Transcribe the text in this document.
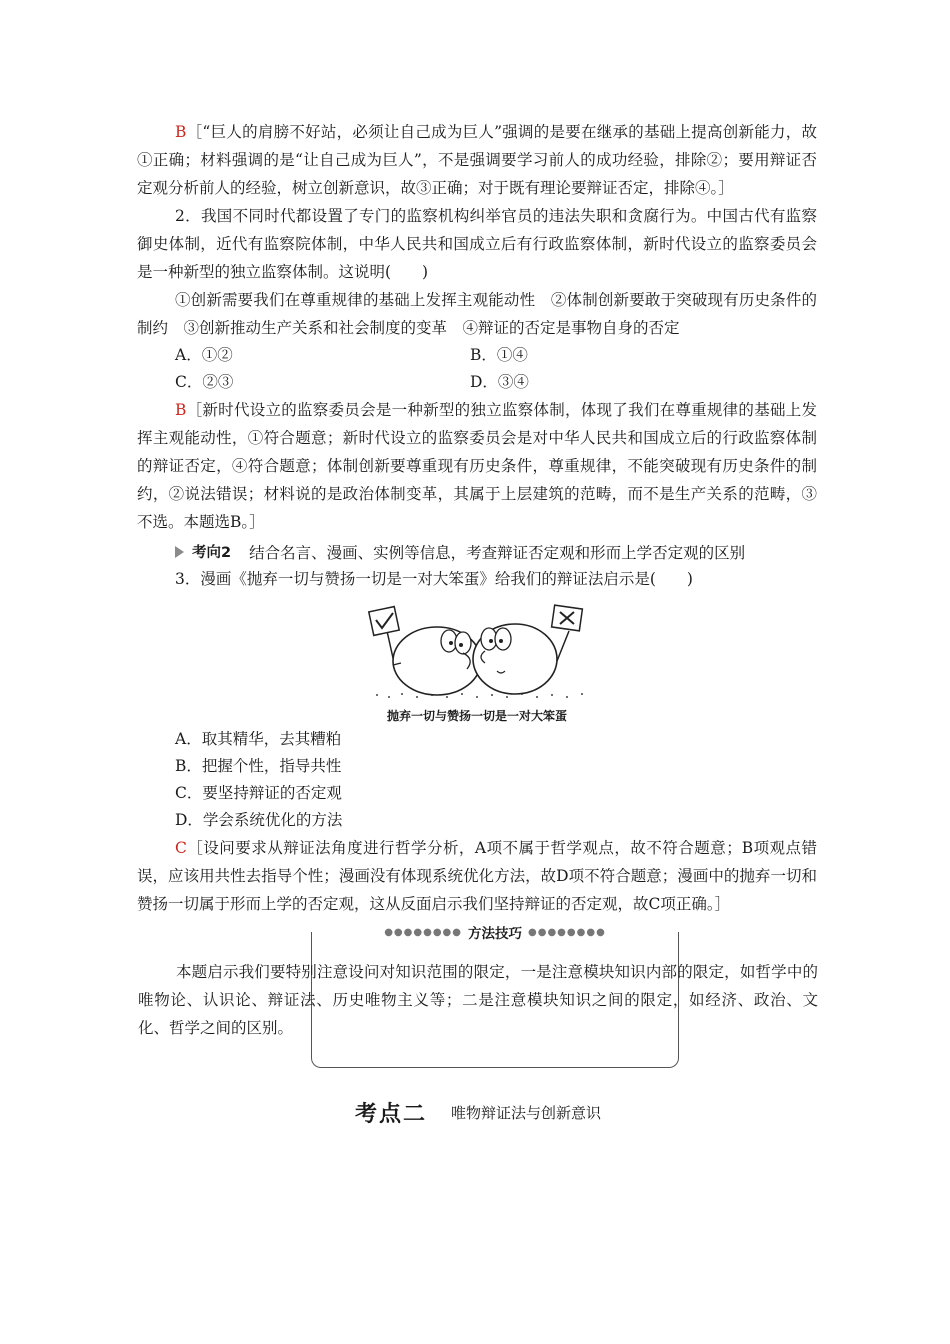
B［“巨人的肩膀不好站，必须让自己成为巨人”强调的是要在继承的基础上提高创新能力，故①正确；材料强调的是“让自己成为巨人”，不是强调要学习前人的成功经验，排除②；要用辩证否定观分析前人的经验，树立创新意识，故③正确；对于既有理论要辩证否定，排除④。］

2．我国不同时代都设置了专门的监察机构纠举官员的违法失职和贪腐行为。中国古代有监察御史体制，近代有监察院体制，中华人民共和国成立后有行政监察体制，新时代设立的监察委员会是一种新型的独立监察体制。这说明(　　)

①创新需要我们在尊重规律的基础上发挥主观能动性　②体制创新要敢于突破现有历史条件的制约　③创新推动生产关系和社会制度的变革　④辩证的否定是事物自身的否定

A．①②	B．①④
C．②③	D．③④

B［新时代设立的监察委员会是一种新型的独立监察体制，体现了我们在尊重规律的基础上发挥主观能动性，①符合题意；新时代设立的监察委员会是对中华人民共和国成立后的行政监察体制的辩证否定，④符合题意；体制创新要尊重现有历史条件，尊重规律，不能突破现有历史条件的制约，②说法错误；材料说的是政治体制变革，其属于上层建筑的范畴，而不是生产关系的范畴，③不选。本题选B。］

考向2 结合名言、漫画、实例等信息，考查辩证否定观和形而上学否定观的区别

3．漫画《抛弃一切与赞扬一切是一对大笨蛋》给我们的辩证法启示是(　　)

抛弃一切与赞扬一切是一对大笨蛋
A．取其精华，去其糟粕
B．把握个性，指导共性
C．要坚持辩证的否定观
D．学会系统优化的方法

C［设问要求从辩证法角度进行哲学分析，A项不属于哲学观点，故不符合题意；B项观点错误，应该用共性去指导个性；漫画没有体现系统优化方法，故D项不符合题意；漫画中的抛弃一切和赞扬一切属于形而上学的否定观，这从反面启示我们坚持辩证的否定观，故C项正确。］

●●●●●●●● 方法技巧 ●●●●●●●●
本题启示我们要特别注意设问对知识范围的限定，一是注意模块知识内部的限定，如哲学中的唯物论、认识论、辩证法、历史唯物主义等；二是注意模块知识之间的限定，如经济、政治、文化、哲学之间的区别。
考点二	唯物辩证法与创新意识
